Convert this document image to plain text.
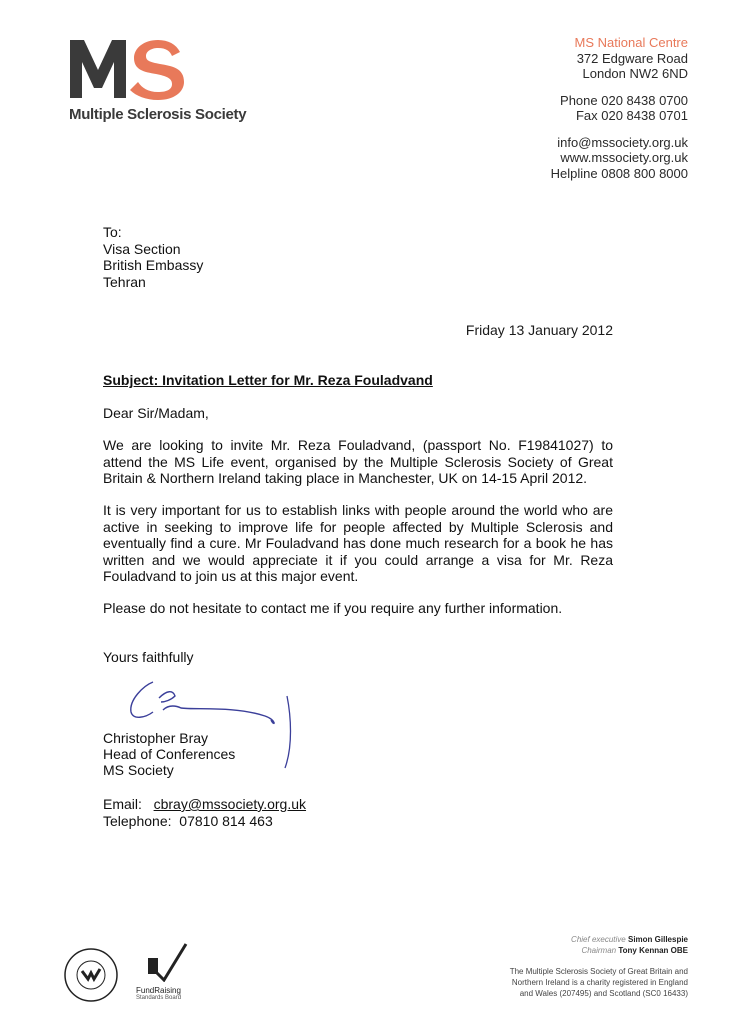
Multiple Sclerosis Society
MS National Centre
372 Edgware Road
London NW2 6ND
Phone 020 8438 0700
Fax 020 8438 0701
info@mssociety.org.uk
www.mssociety.org.uk
Helpline 0808 800 8000
To:
Visa Section
British Embassy
Tehran
Friday 13 January 2012
Subject: Invitation Letter for Mr. Reza Fouladvand
Dear Sir/Madam,
We are looking to invite Mr. Reza Fouladvand, (passport No. F19841027) to attend the MS Life event, organised by the Multiple Sclerosis Society of Great Britain & Northern Ireland taking place in Manchester, UK on 14-15 April 2012.
It is very important for us to establish links with people around the world who are active in seeking to improve life for people affected by Multiple Sclerosis and eventually find a cure. Mr Fouladvand has done much research for a book he has written and we would appreciate it if you could arrange a visa for Mr. Reza Fouladvand to join us at this major event.
Please do not hesitate to contact me if you require any further information.
Yours faithfully
Christopher Bray
Head of Conferences
MS Society
Email: cbray@mssociety.org.uk
Telephone: 07810 814 463
FundRaising
Standards Board
Chief executive Simon Gillespie
Chairman Tony Kennan OBE
The Multiple Sclerosis Society of Great Britain and
Northern Ireland is a charity registered in England
and Wales (207495) and Scotland (SC0 16433)
